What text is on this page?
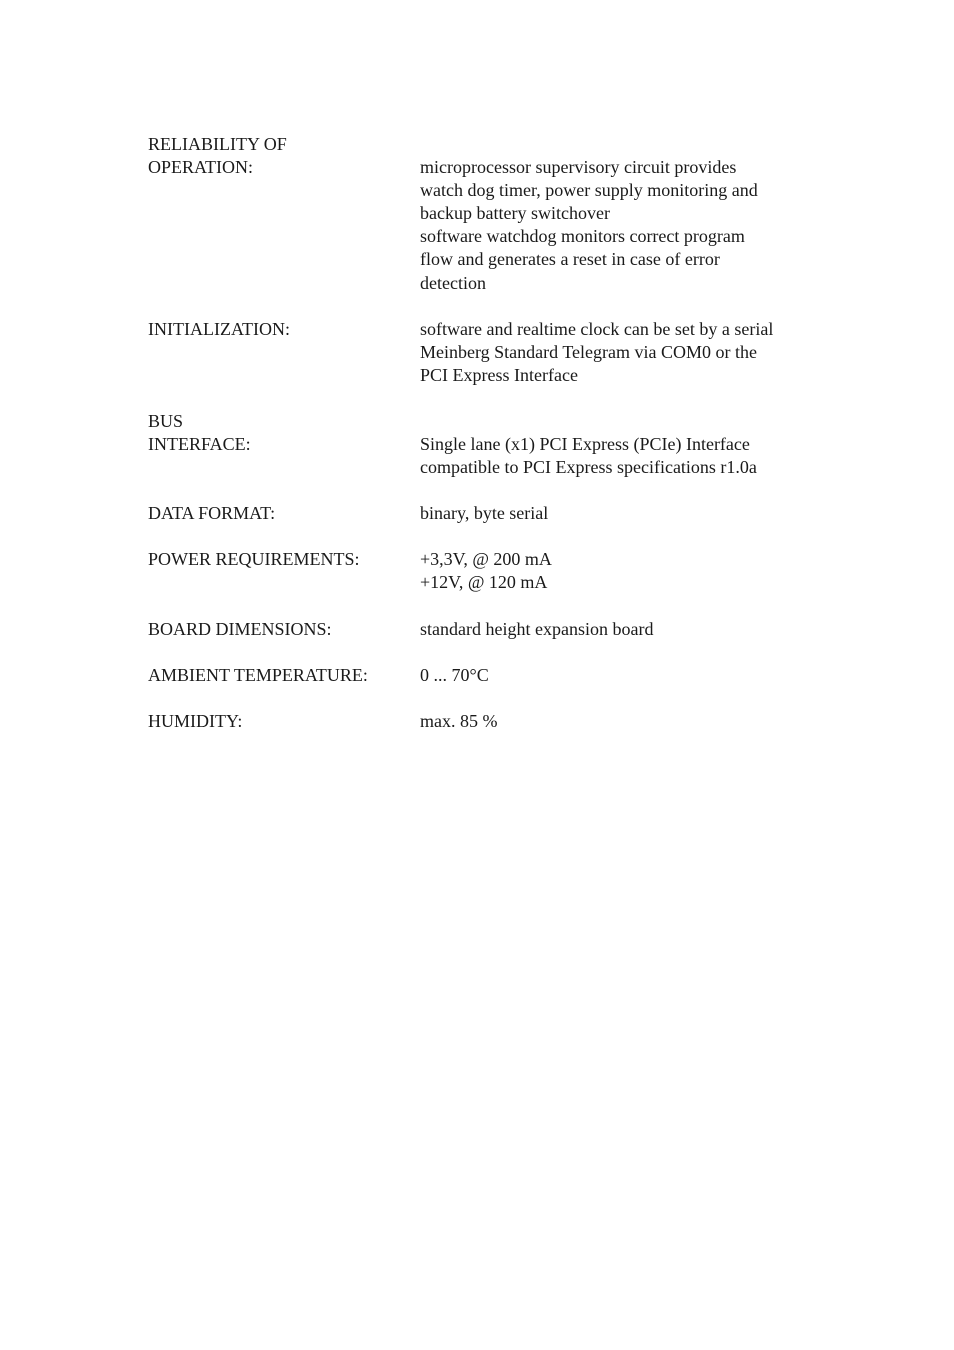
RELIABILITY OF
OPERATION:	microprocessor supervisory circuit provides
watch dog timer, power supply monitoring and
backup battery switchover
software watchdog monitors correct program
flow and generates a reset in case of error
detection
INITIALIZATION:	software and realtime clock can be set by a serial
Meinberg Standard Telegram via COM0 or the
PCI Express Interface
BUS
INTERFACE:	Single lane (x1) PCI Express (PCIe) Interface
compatible to PCI Express specifications r1.0a
DATA FORMAT:	binary, byte serial
POWER REQUIREMENTS:	+3,3V, @ 200 mA
+12V, @ 120 mA
BOARD DIMENSIONS:	standard height expansion board
AMBIENT TEMPERATURE:	0 ... 70°C
HUMIDITY:	max. 85 %
